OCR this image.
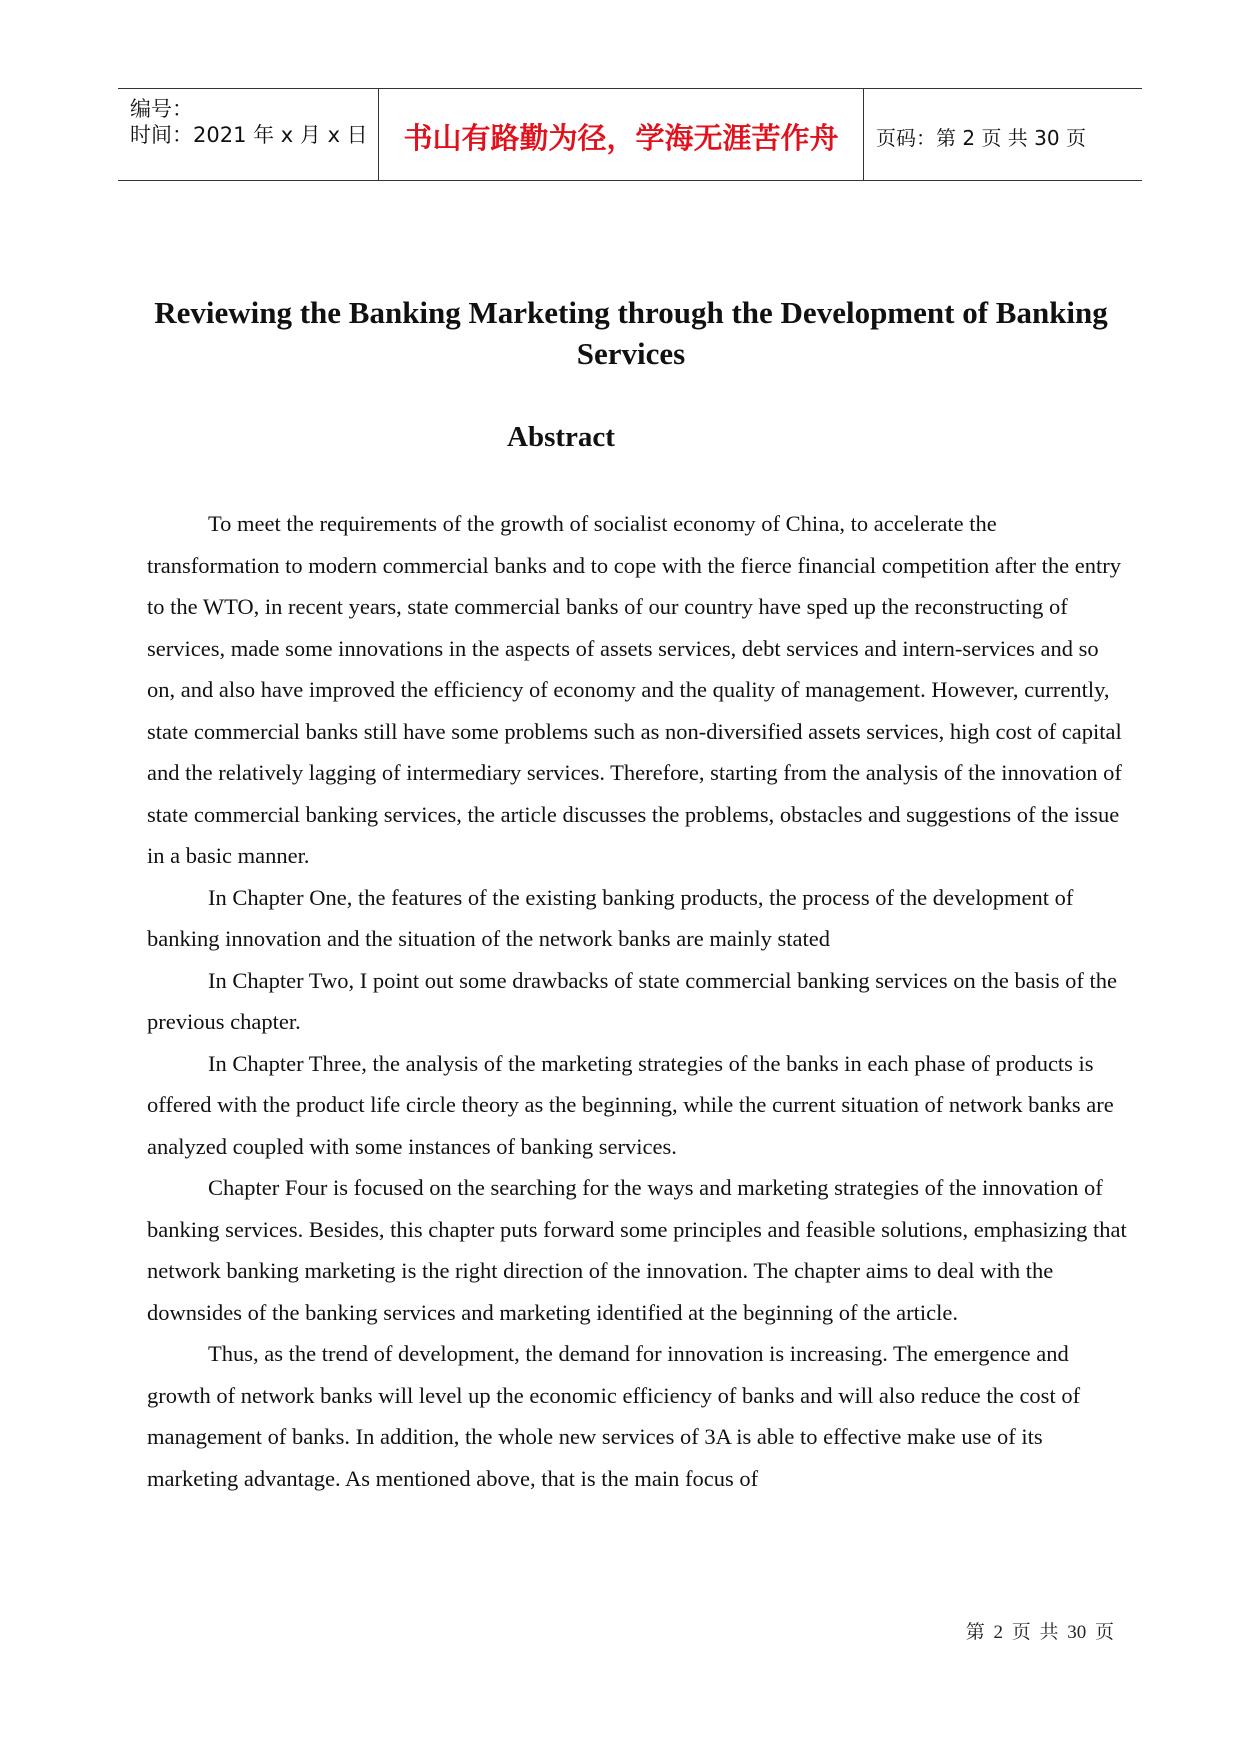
编号：
时间：2021 年 x 月 x 日	书山有路勤为径，学海无涯苦作舟	页码：第 2 页 共 30 页
Reviewing the Banking Marketing through the Development of Banking Services
Abstract

To meet the requirements of the growth of socialist economy of China, to accelerate the transformation to modern commercial banks and to cope with the fierce financial competition after the entry to the WTO, in recent years, state commercial banks of our country have sped up the reconstructing of services, made some innovations in the aspects of assets services, debt services and intern-services and so on, and also have improved the efficiency of economy and the quality of management. However, currently, state commercial banks still have some problems such as non-diversified assets services, high cost of capital and the relatively lagging of intermediary services. Therefore, starting from the analysis of the innovation of state commercial banking services, the article discusses the problems, obstacles and suggestions of the issue in a basic manner.

In Chapter One, the features of the existing banking products, the process of the development of banking innovation and the situation of the network banks are mainly stated

In Chapter Two, I point out some drawbacks of state commercial banking services on the basis of the previous chapter.

In Chapter Three, the analysis of the marketing strategies of the banks in each phase of products is offered with the product life circle theory as the beginning, while the current situation of network banks are analyzed coupled with some instances of banking services.

Chapter Four is focused on the searching for the ways and marketing strategies of the innovation of banking services. Besides, this chapter puts forward some principles and feasible solutions, emphasizing that network banking marketing is the right direction of the innovation. The chapter aims to deal with the downsides of the banking services and marketing identified at the beginning of the article.

Thus, as the trend of development, the demand for innovation is increasing. The emergence and growth of network banks will level up the economic efficiency of banks and will also reduce the cost of management of banks. In addition, the whole new services of 3A is able to effective make use of its marketing advantage. As mentioned above, that is the main focus of

第 2 页 共 30 页
